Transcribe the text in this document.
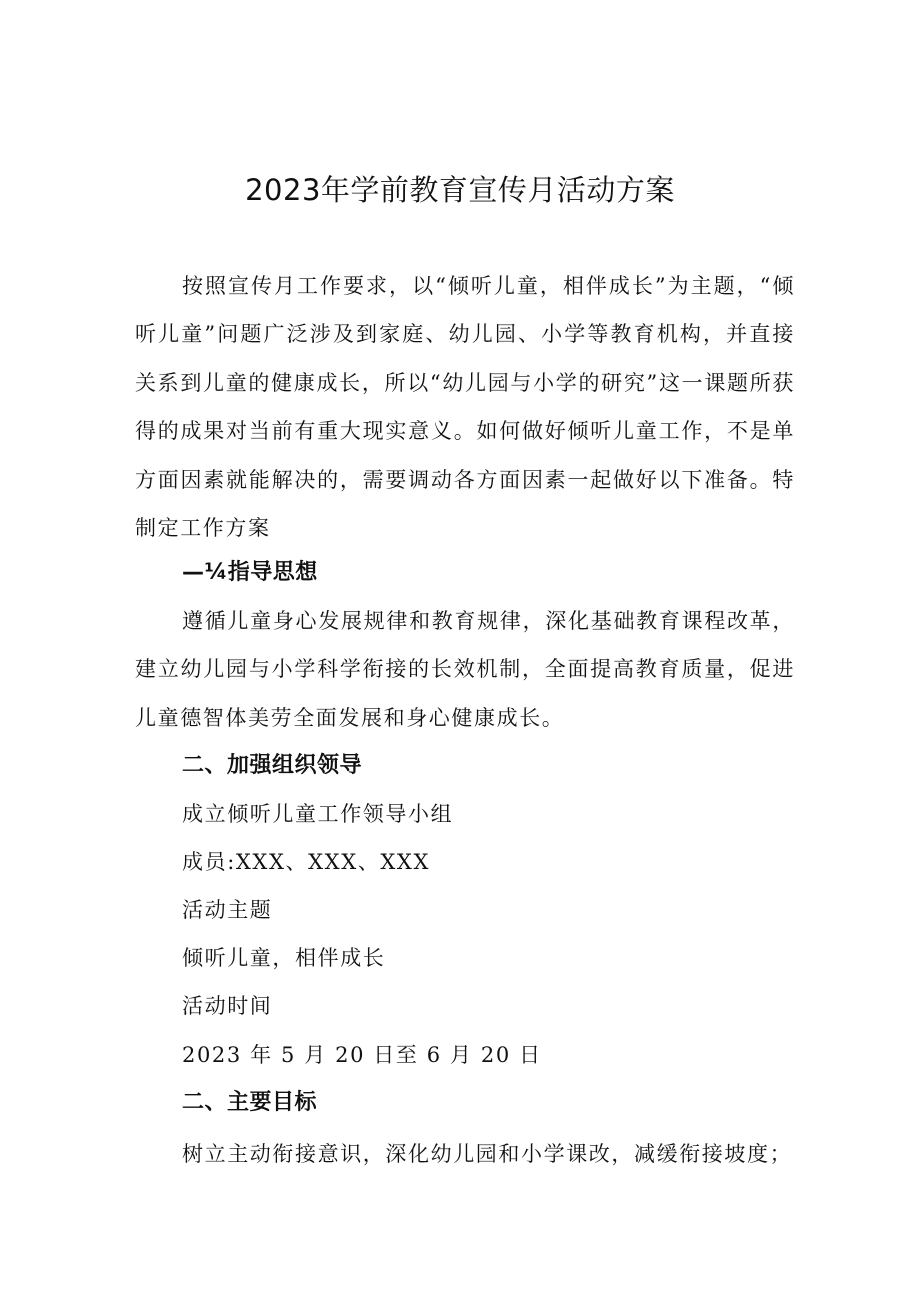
2023年学前教育宣传月活动方案
按照宣传月工作要求，以“倾听儿童，相伴成长”为主题，“倾听儿童”问题广泛涉及到家庭、幼儿园、小学等教育机构，并直接关系到儿童的健康成长，所以“幼儿园与小学的研究”这一课题所获得的成果对当前有重大现实意义。如何做好倾听儿童工作，不是单方面因素就能解决的，需要调动各方面因素一起做好以下准备。特制定工作方案
—¼指导思想
遵循儿童身心发展规律和教育规律，深化基础教育课程改革，建立幼儿园与小学科学衔接的长效机制，全面提高教育质量，促进儿童德智体美劳全面发展和身心健康成长。
二、加强组织领导
成立倾听儿童工作领导小组
成员:XXX、XXX、XXX
活动主题
倾听儿童，相伴成长
活动时间
2023 年 5 月 20 日至 6 月 20 日
二、主要目标
树立主动衔接意识，深化幼儿园和小学课改，减缓衔接坡度；
